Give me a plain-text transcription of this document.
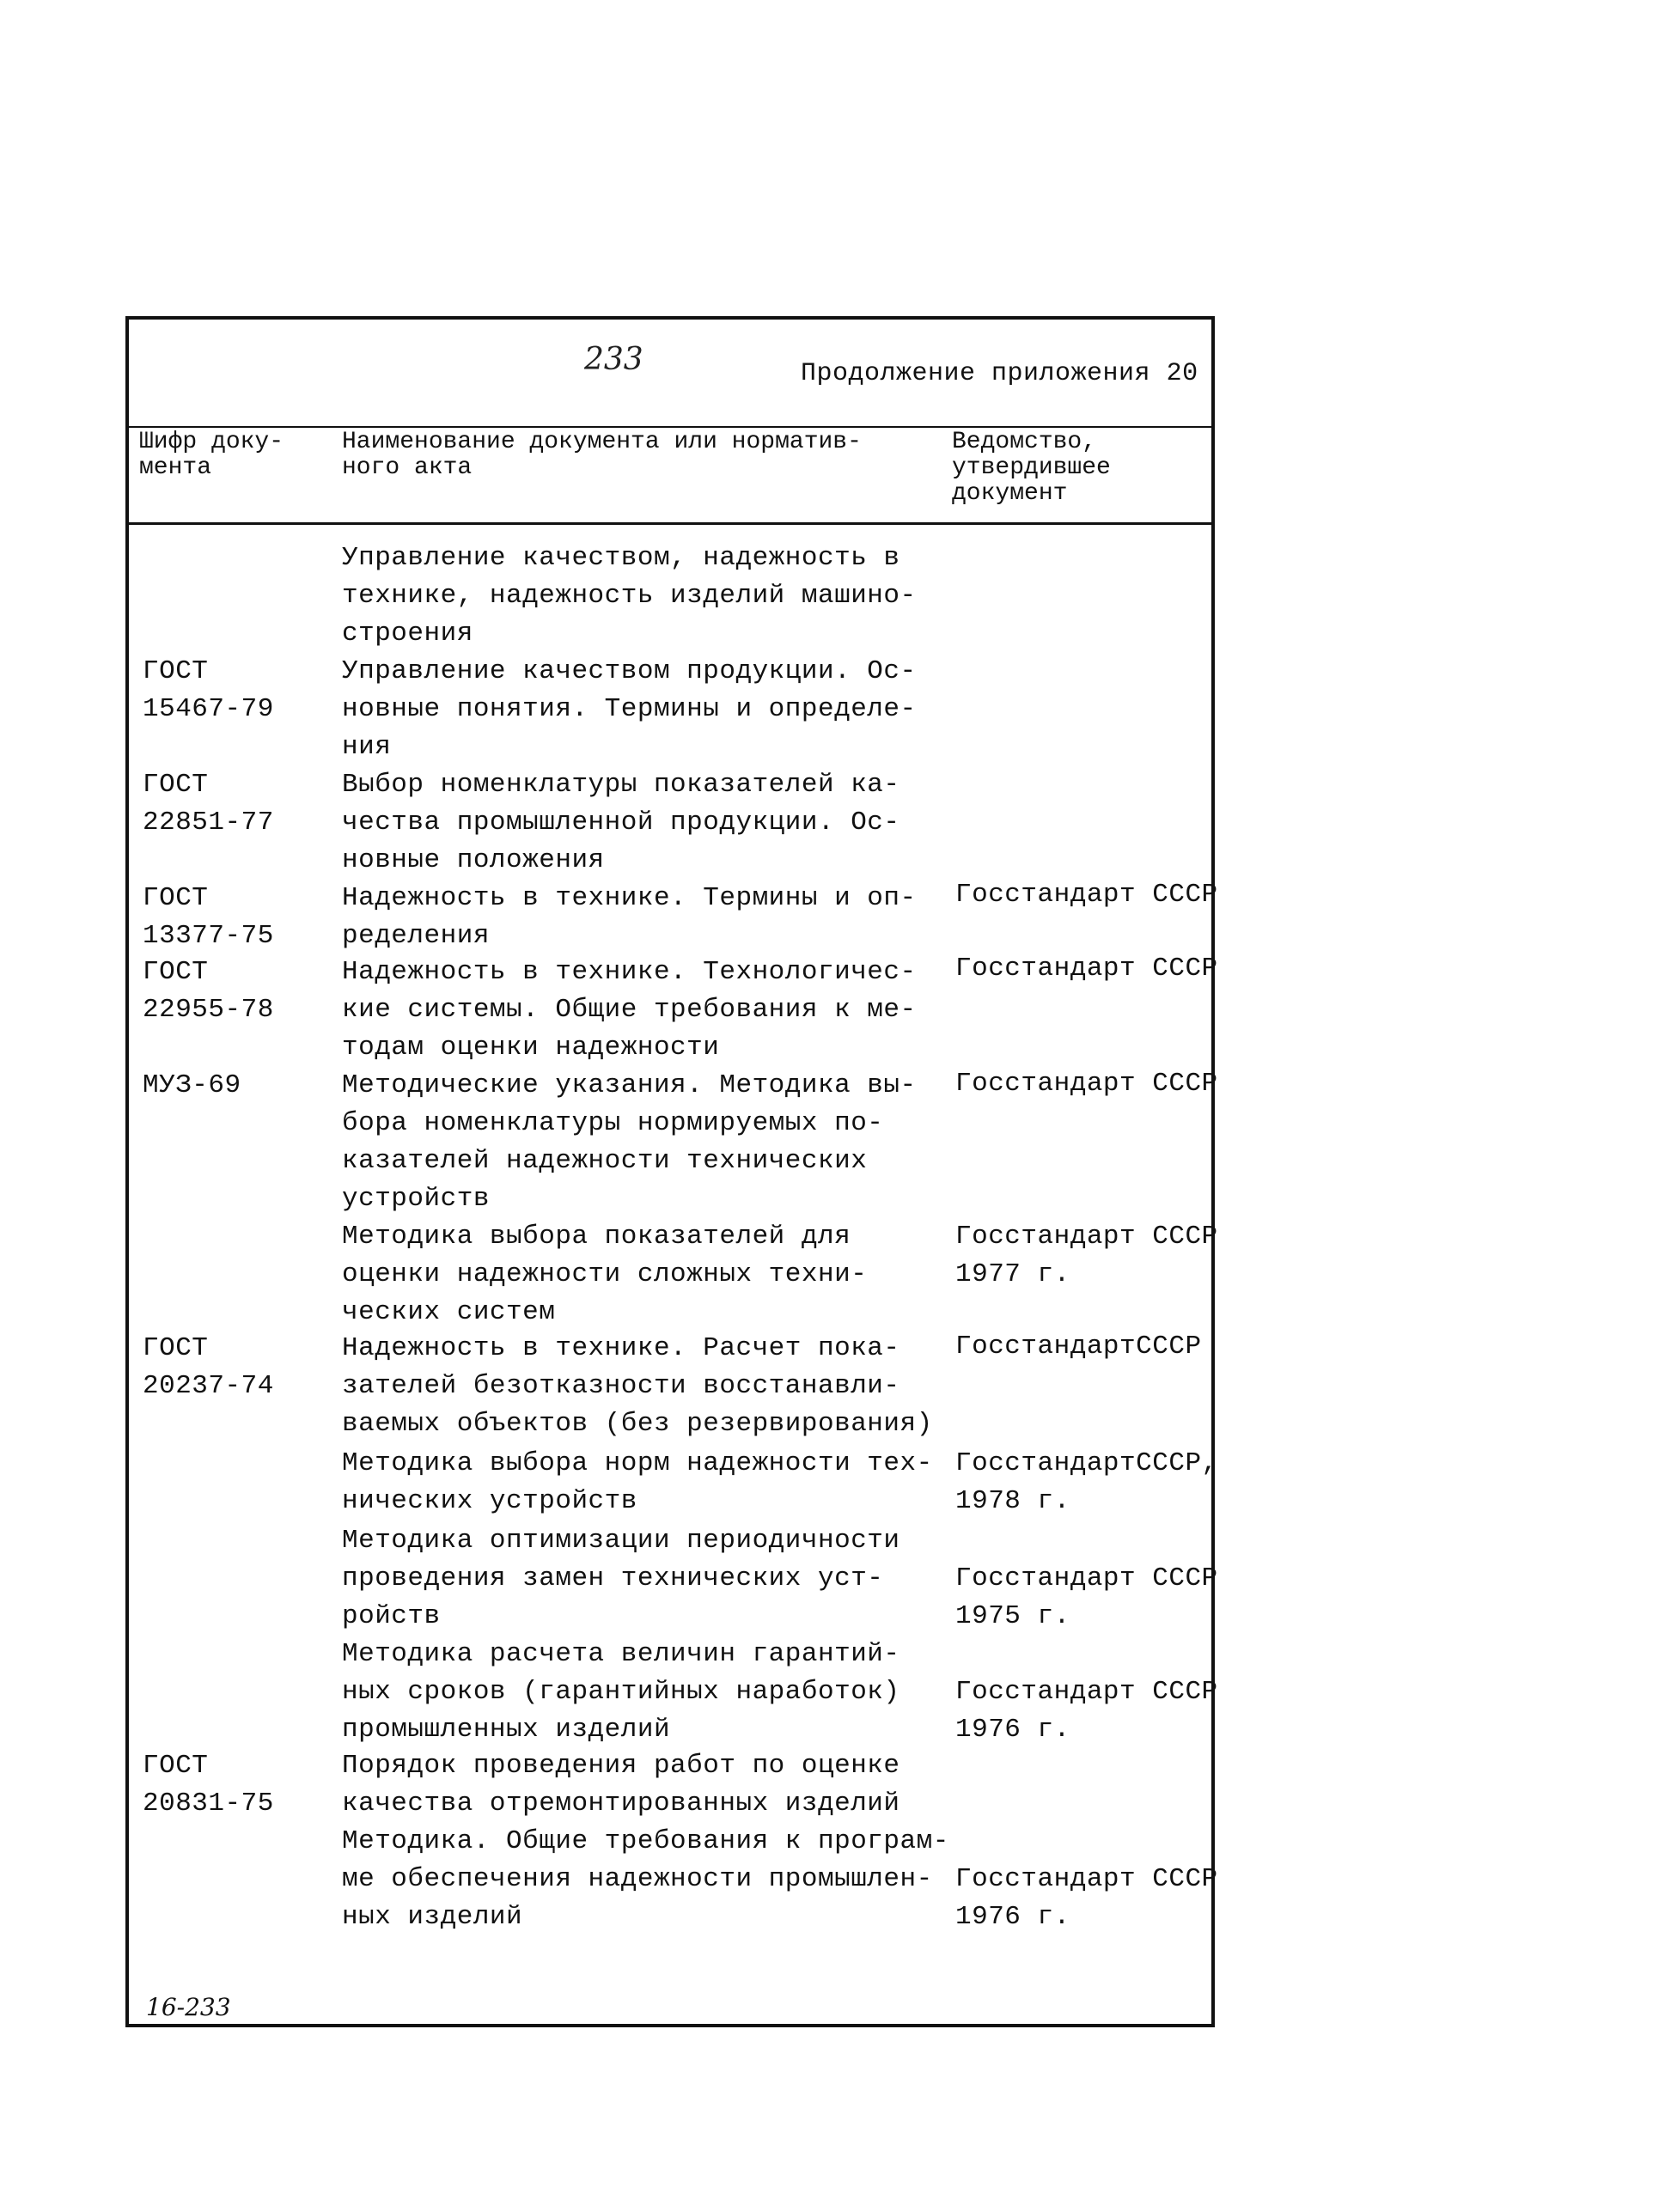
233	Продолжение приложения 20
Шифр доку-
мента
Наименование документа или норматив-
ного акта
Ведомство,
утвердившее
документ
Управление качеством, надежность в
технике, надежность изделий машино-
строения
ГОСТ
15467-79
Управление качеством продукции. Ос-
новные понятия. Термины и определе-
ния
ГОСТ
22851-77
Выбор номенклатуры показателей ка-
чества промышленной продукции. Ос-
новные положения
ГОСТ
13377-75
Надежность в технике. Термины и оп-
ределения
Госстандарт СССР
ГОСТ
22955-78
Надежность в технике. Технологичес-
кие системы. Общие требования к ме-
тодам оценки надежности
Госстандарт СССР
МУЗ-69	Методические указания. Методика вы-
бора номенклатуры нормируемых по-
казателей надежности технических
устройств
Госстандарт СССР
Методика выбора показателей для
оценки надежности сложных техни-
ческих систем
Госстандарт СССР
1977 г.
ГОСТ
20237-74
Надежность в технике. Расчет пока-
зателей безотказности восстанавли-
ваемых объектов (без резервирования)
ГосстандартСССР
Методика выбора норм надежности тех-
нических устройств
ГосстандартСССР,
1978 г.
Методика оптимизации периодичности
проведения замен технических уст-
ройств

Госстандарт СССР
1975 г.
Методика расчета величин гарантий-
ных сроков (гарантийных наработок)
промышленных изделий

Госстандарт СССР
1976 г.
ГОСТ
20831-75
Порядок проведения работ по оценке
качества отремонтированных изделий
Методика. Общие требования к програм-
ме обеспечения надежности промышлен-
ных изделий

Госстандарт СССР
1976 г.
16-233
